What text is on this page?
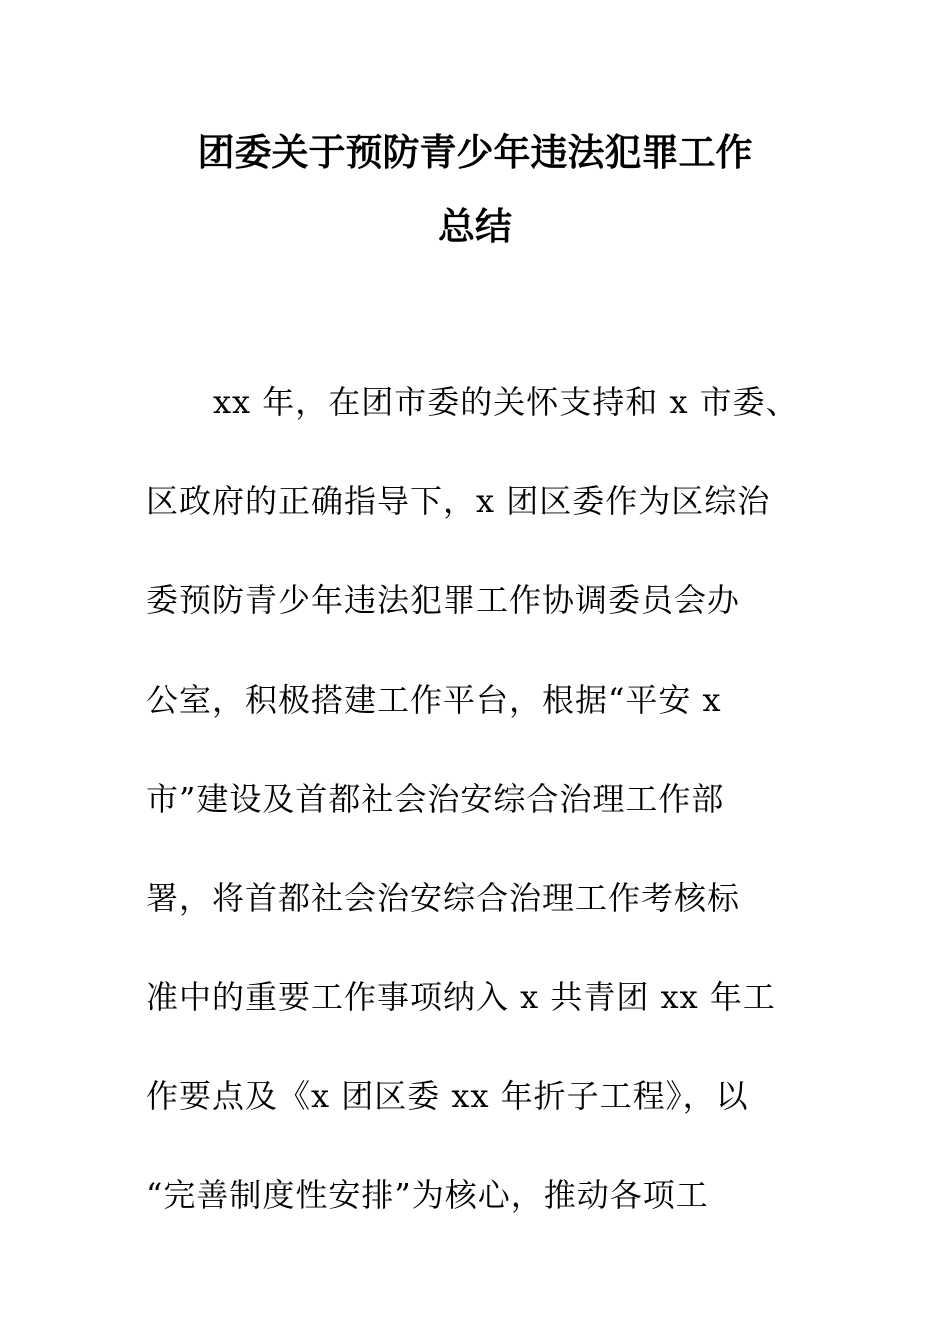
团委关于预防青少年违法犯罪工作
总结
xx 年，在团市委的关怀支持和 x 市委、
区政府的正确指导下，x 团区委作为区综治
委预防青少年违法犯罪工作协调委员会办
公室，积极搭建工作平台，根据“平安 x
市”建设及首都社会治安综合治理工作部
署，将首都社会治安综合治理工作考核标
准中的重要工作事项纳入 x 共青团 xx 年工
作要点及《x 团区委 xx 年折子工程》，以
“完善制度性安排”为核心，推动各项工
